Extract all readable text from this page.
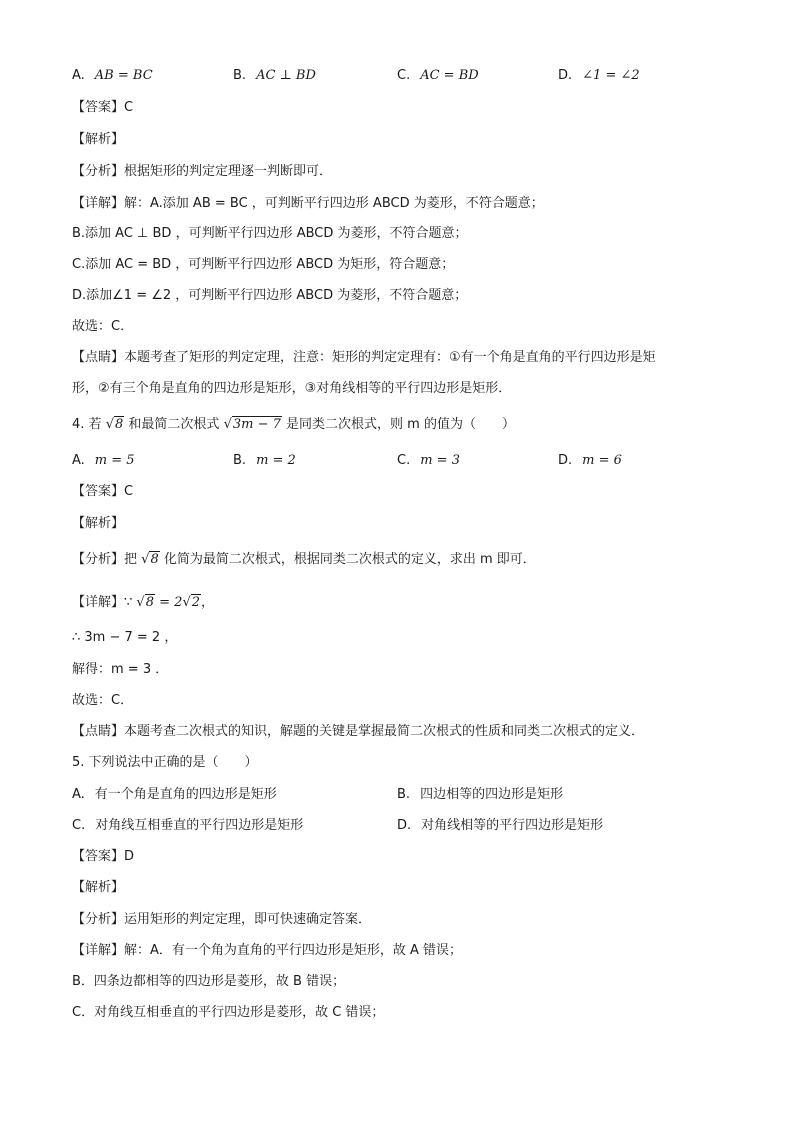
A. AB = BC	B. AC ⊥ BD	C. AC = BD	D. ∠1 = ∠2
【答案】C
【解析】
【分析】根据矩形的判定定理逐一判断即可．
【详解】解：A.添加 AB = BC ，可判断平行四边形 ABCD 为菱形，不符合题意；
B.添加 AC ⊥ BD ，可判断平行四边形 ABCD 为菱形，不符合题意；
C.添加 AC = BD ，可判断平行四边形 ABCD 为矩形，符合题意；
D.添加∠1 = ∠2 ，可判断平行四边形 ABCD 为菱形，不符合题意；
故选：C．
【点睛】本题考查了矩形的判定定理，注意：矩形的判定定理有：①有一个角是直角的平行四边形是矩
形，②有三个角是直角的四边形是矩形，③对角线相等的平行四边形是矩形．
4. 若 √8 和最简二次根式 √3m − 7 是同类二次根式，则 m 的值为（　　）
A. m = 5	B. m = 2	C. m = 3	D. m = 6
【答案】C
【解析】
【分析】把 √8 化简为最简二次根式，根据同类二次根式的定义，求出 m 即可．
【详解】∵ √8 = 2√2，
∴ 3m − 7 = 2 ，
解得：m = 3 ．
故选：C．
【点睛】本题考查二次根式的知识，解题的关键是掌握最简二次根式的性质和同类二次根式的定义．
5. 下列说法中正确的是（　　）
A. 有一个角是直角的四边形是矩形	B. 四边相等的四边形是矩形
C. 对角线互相垂直的平行四边形是矩形	D. 对角线相等的平行四边形是矩形
【答案】D
【解析】
【分析】运用矩形的判定定理，即可快速确定答案．
【详解】解：A．有一个角为直角的平行四边形是矩形，故 A 错误；
B．四条边都相等的四边形是菱形，故 B 错误；
C．对角线互相垂直的平行四边形是菱形，故 C 错误；
